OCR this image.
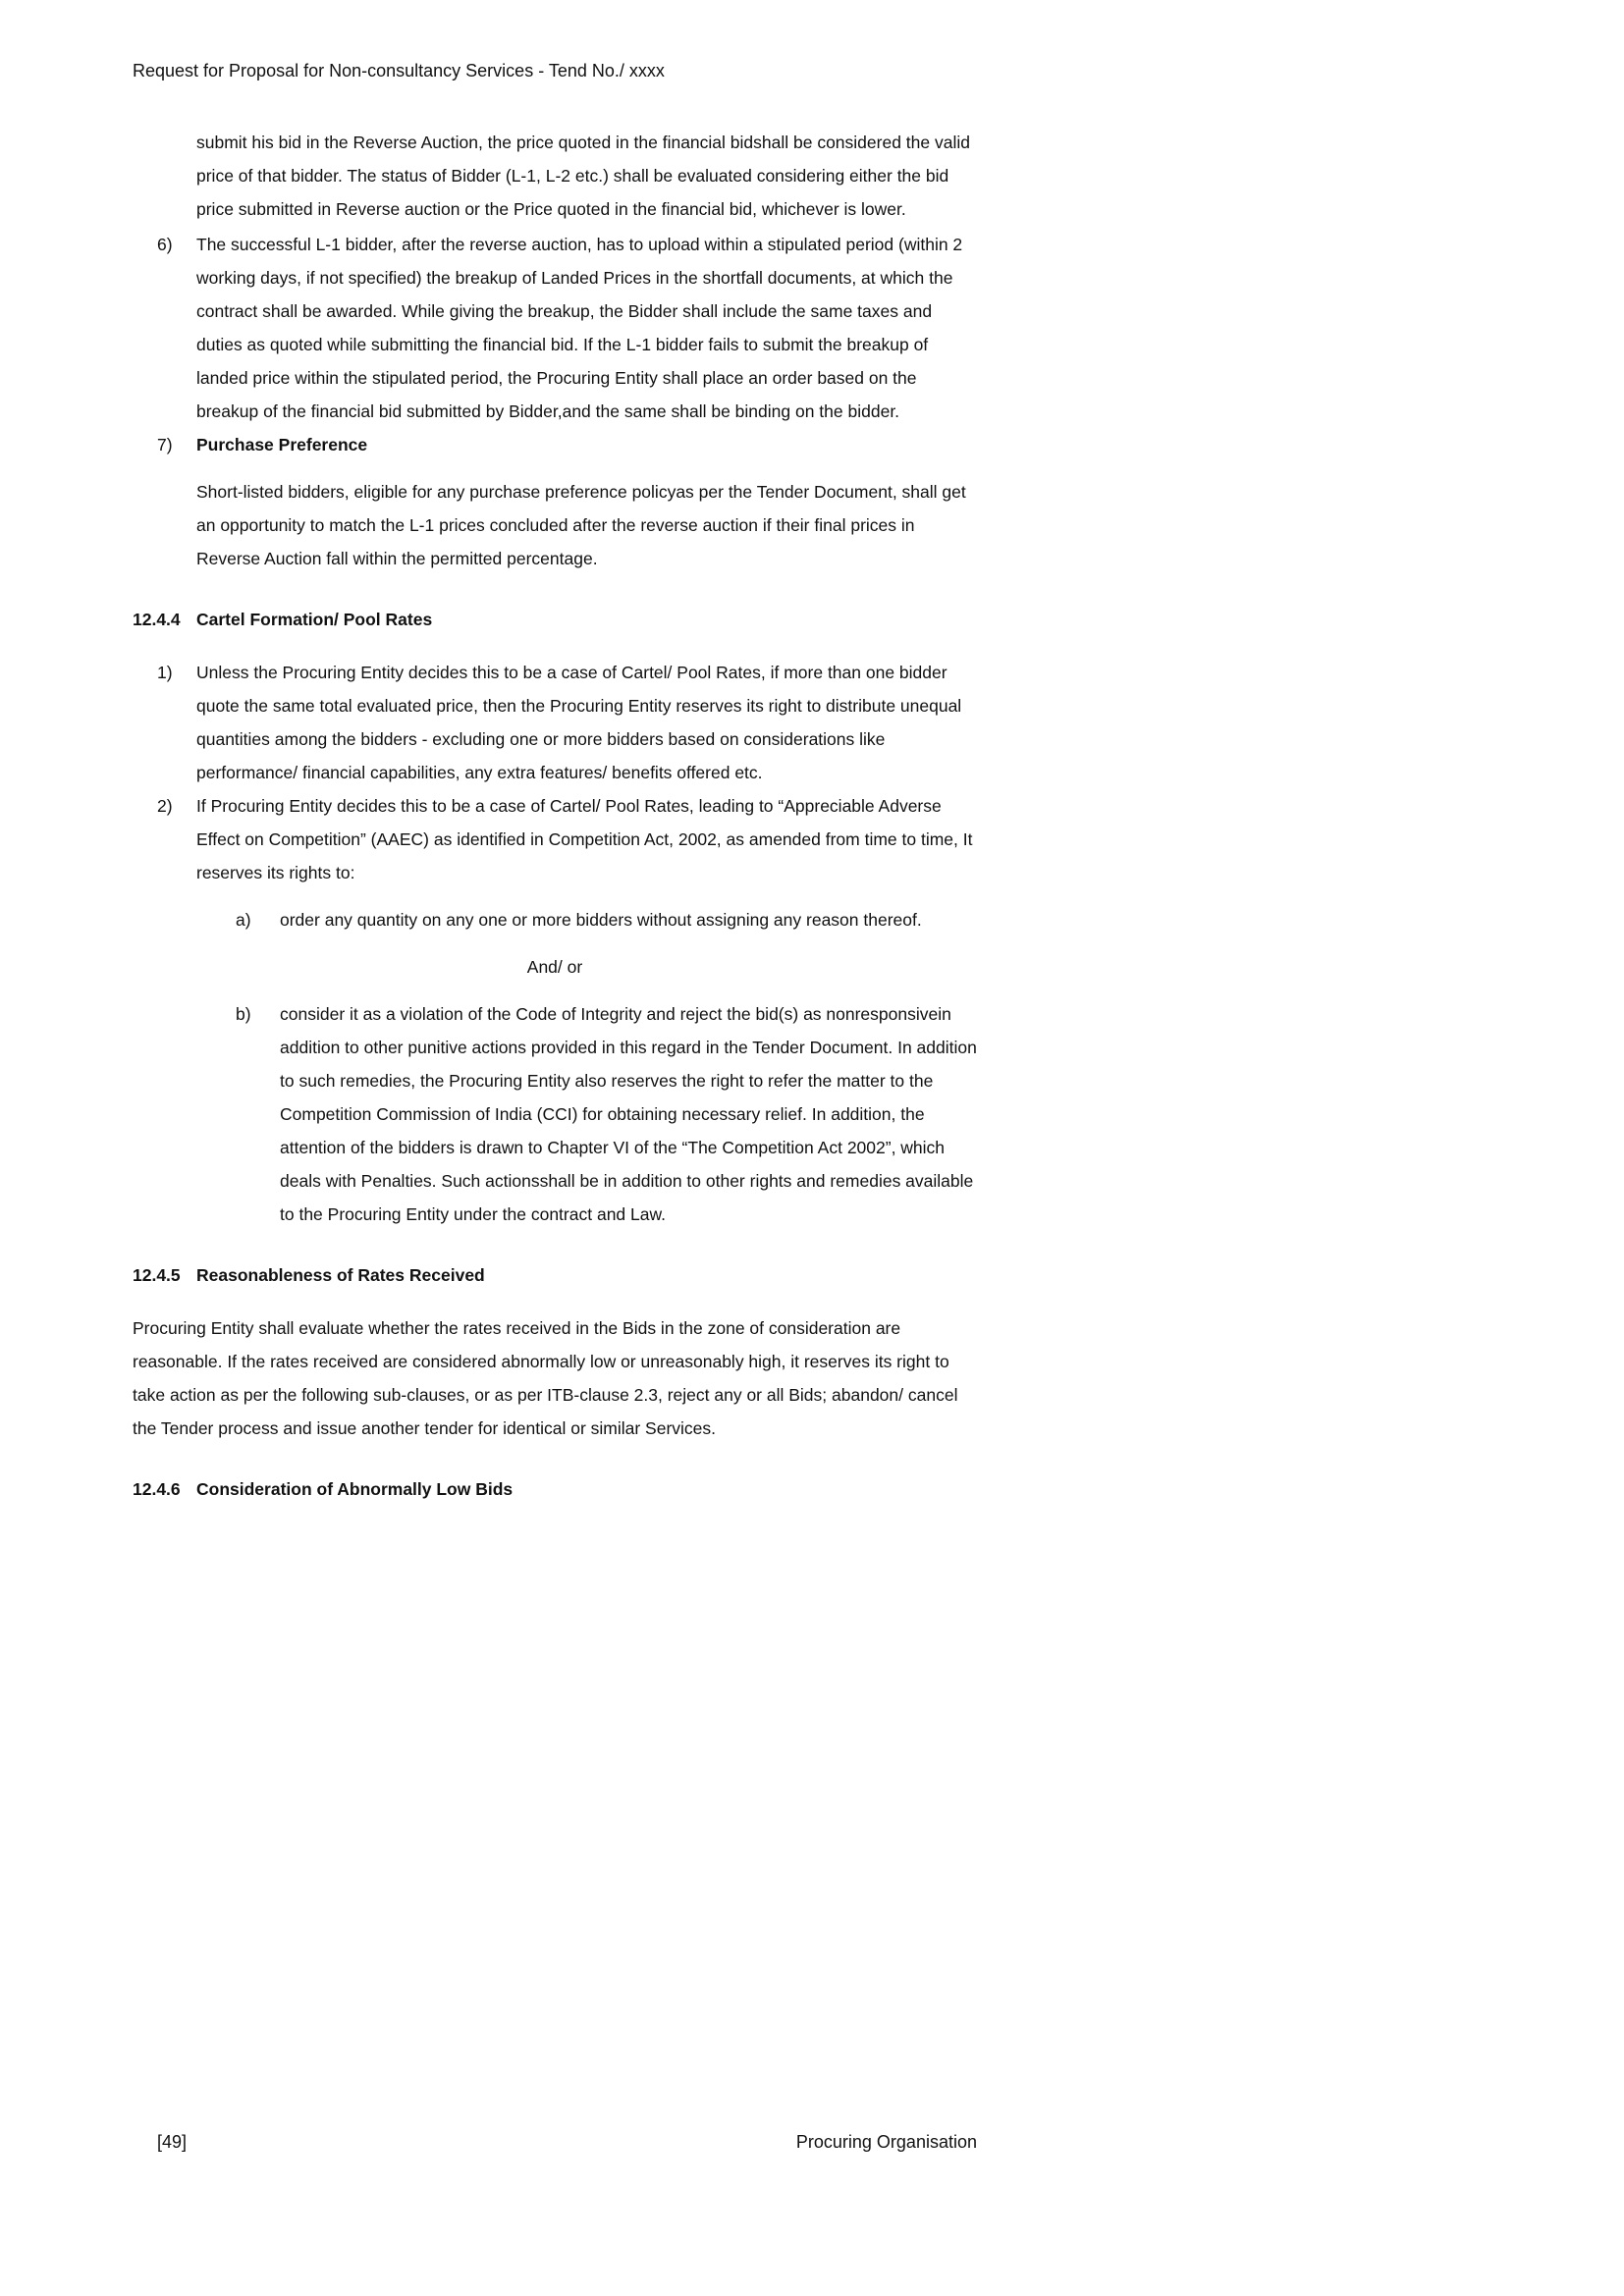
Request for Proposal for Non-consultancy Services - Tend No./ xxxx
submit his bid in the Reverse Auction, the price quoted in the financial bidshall be considered the valid price of that bidder. The status of Bidder (L-1, L-2 etc.) shall be evaluated considering either the bid price submitted in Reverse auction or the Price quoted in the financial bid, whichever is lower.
6)	The successful L-1 bidder, after the reverse auction, has to upload within a stipulated period (within 2 working days, if not specified) the breakup of Landed Prices in the shortfall documents, at which the contract shall be awarded. While giving the breakup, the Bidder shall include the same taxes and duties as quoted while submitting the financial bid. If the L-1 bidder fails to submit the breakup of landed price within the stipulated period, the Procuring Entity shall place an order based on the breakup of the financial bid submitted by Bidder,and the same shall be binding on the bidder.
7)	Purchase Preference
Short-listed bidders, eligible for any purchase preference policyas per the Tender Document, shall get an opportunity to match the L-1 prices concluded after the reverse auction if their final prices in Reverse Auction fall within the permitted percentage.
12.4.4 Cartel Formation/ Pool Rates
1)	Unless the Procuring Entity decides this to be a case of Cartel/ Pool Rates, if more than one bidder quote the same total evaluated price, then the Procuring Entity reserves its right to distribute unequal quantities among the bidders - excluding one or more bidders based on considerations like performance/ financial capabilities, any extra features/ benefits offered etc.
2)	If Procuring Entity decides this to be a case of Cartel/ Pool Rates, leading to “Appreciable Adverse Effect on Competition” (AAEC) as identified in Competition Act, 2002, as amended from time to time, It reserves its rights to:
a)	order any quantity on any one or more bidders without assigning any reason thereof.
And/ or
b)	consider it as a violation of the Code of Integrity and reject the bid(s) as nonresponsivein addition to other punitive actions provided in this regard in the Tender Document. In addition to such remedies, the Procuring Entity also reserves the right to refer the matter to the Competition Commission of India (CCI) for obtaining necessary relief. In addition, the attention of the bidders is drawn to Chapter VI of the “The Competition Act 2002”, which deals with Penalties. Such actionsshall be in addition to other rights and remedies available to the Procuring Entity under the contract and Law.
12.4.5 Reasonableness of Rates Received
Procuring Entity shall evaluate whether the rates received in the Bids in the zone of consideration are reasonable. If the rates received are considered abnormally low or unreasonably high, it reserves its right to take action as per the following sub-clauses, or as per ITB-clause 2.3, reject any or all Bids; abandon/ cancel the Tender process and issue another tender for identical or similar Services.
12.4.6 Consideration of Abnormally Low Bids
[49]	Procuring Organisation
